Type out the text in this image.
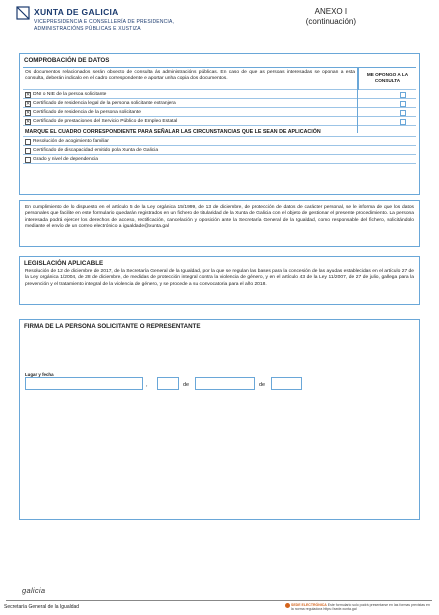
XUNTA DE GALICIA
VICEPRESIDENCIA E CONSELLERÍA DE PRESIDENCIA,
ADMINISTRACIÓNS PÚBLICAS E XUSTIZA
ANEXO I
(continuación)
COMPROBACIÓN DE DATOS
Os documentos relacionados serán obxecto de consulta ás administracións públicas. En caso de que as persoas interesadas se oponan a esta consulta, deberán indicalo en el cadro correspondente e aportar unha copia dos documentos.
ME OPONGO A LA CONSULTA
✕ DNI o NIE de la persoa solicitante
✕ Certificado de residencia legal de la persona solicitante extranjera
✕ Certificado de residencia de la persona solicitante
✕ Certificado de prestaciones del Servicio Público de Empleo Estatal
MARQUE EL CUADRO CORRESPONDIENTE PARA SEÑALAR LAS CIRCUNSTANCIAS QUE LE SEAN DE APLICACIÓN
Resolución de acogimiento familiar
Certificado de discapacidad emitido pola Xunta de Galicia
Grado y nivel de dependencia
En cumplimiento de lo dispuesto en el artículo 5 de la Ley orgánica 15/1999, de 13 de diciembre, de protección de datos de carácter personal, se le informa de que los datos personales que facilite en este formulario quedarán registrados en un fichero de titularidad de la Xunta de Galicia con el objeto de gestionar el presente procedimiento. La persona interesada podrá ejercer los derechos de acceso, rectificación, cancelación y oposición ante la Secretaría General de la Igualdad, como responsable del fichero, solicitándolo mediante el envío de un correo electrónico a igualdade@xunta.gal
LEGISLACIÓN APLICABLE
Resolución de 12 de diciembre de 2017, de la Secretaría General de la Igualdad, por la que se regulan las bases para la concesión de las ayudas establecidas en el artículo 27 de la Ley orgánica 1/2004, de 28 de diciembre, de medidas de protección integral contra la violencia de género, y en el artículo 43 de la Ley 11/2007, de 27 de julio, gallega para la prevención y el tratamiento integral de la violencia de género, y se procede a su convocatoria para el año 2018.
FIRMA DE LA PERSONA SOLICITANTE O REPRESENTANTE
Lugar y fecha
,	de	de
galicia
Secretaría General de la Igualdad	SEDE ELECTRÓNICA Este formulario solo podrá presentarse en las formas previstas en la norma reguladora https://sede.xunta.gal
